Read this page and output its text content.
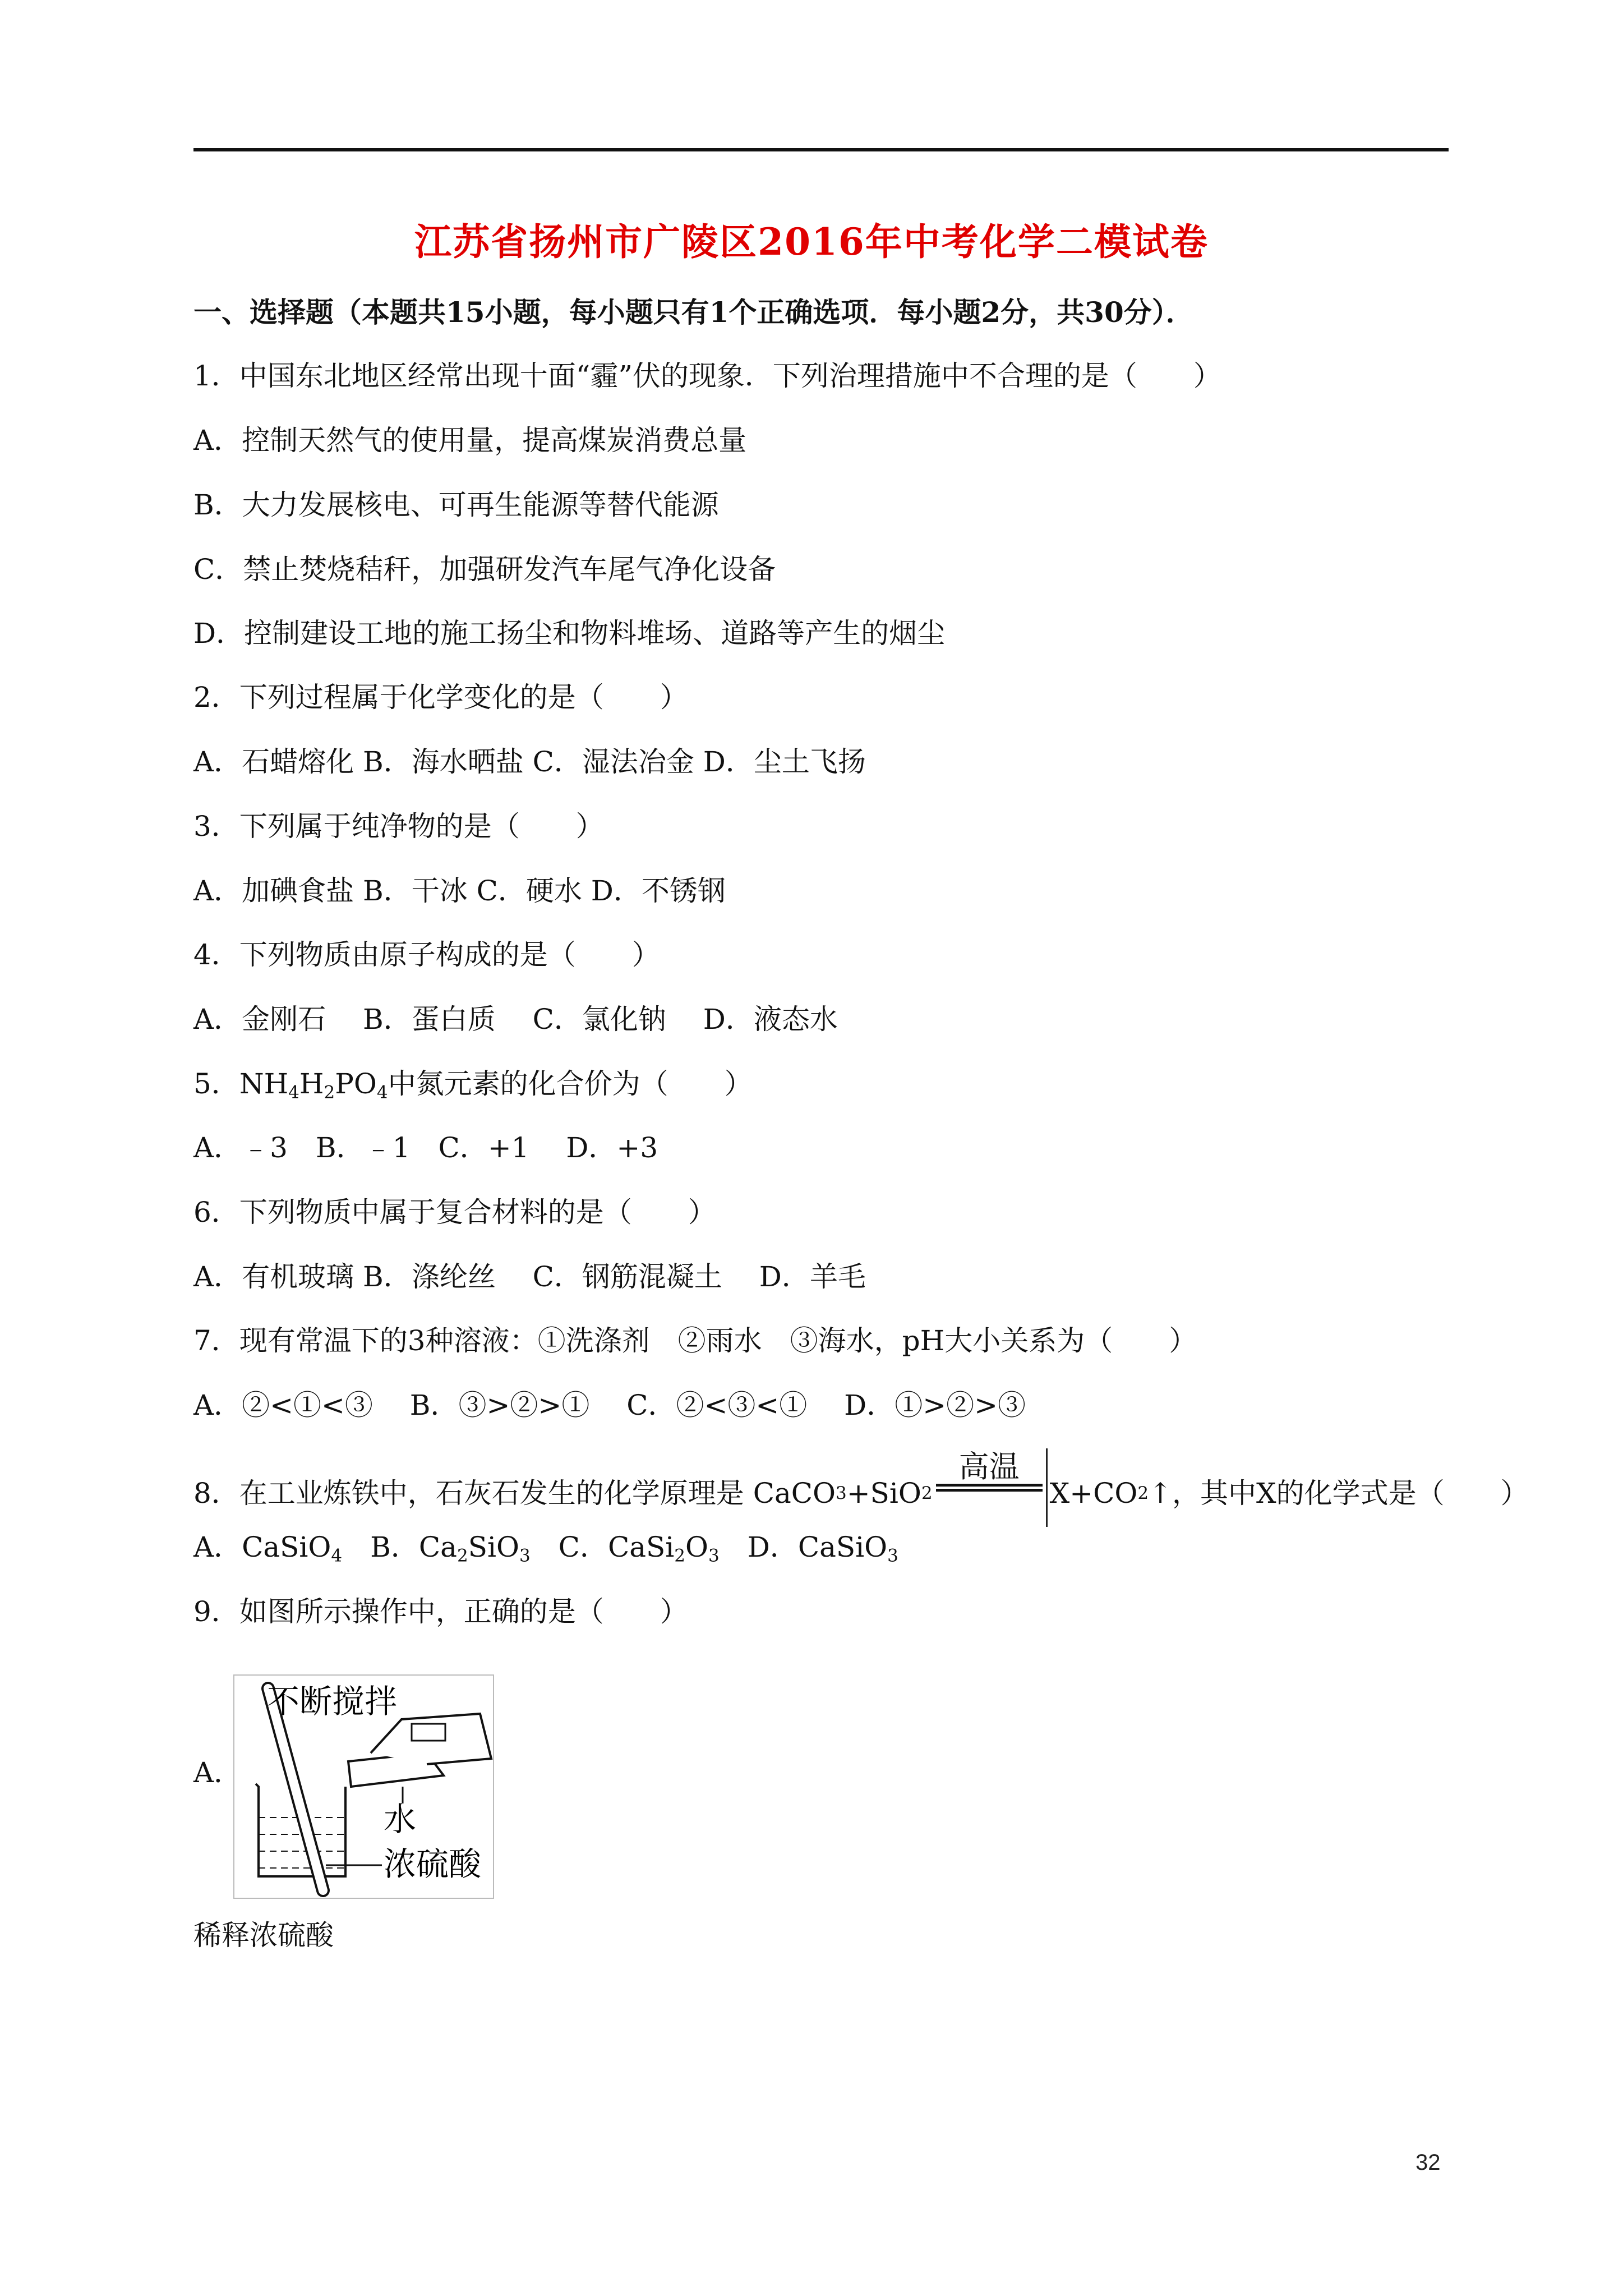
江苏省扬州市广陵区2016年中考化学二模试卷
一、选择题（本题共15小题，每小题只有1个正确选项．每小题2分，共30分）．
1．中国东北地区经常出现十面“霾”伏的现象．下列治理措施中不合理的是（　　）
A．控制天然气的使用量，提高煤炭消费总量
B．大力发展核电、可再生能源等替代能源
C．禁止焚烧秸秆，加强研发汽车尾气净化设备
D．控制建设工地的施工扬尘和物料堆场、道路等产生的烟尘
2．下列过程属于化学变化的是（　　）
A．石蜡熔化 B．海水晒盐 C．湿法冶金 D．尘土飞扬
3．下列属于纯净物的是（　　）
A．加碘食盐 B．干冰 C．硬水 D．不锈钢
4．下列物质由原子构成的是（　　）
A．金刚石　 B．蛋白质　 C．氯化钠　 D．液态水
5．$NH_4H_2PO_4$中氮元素的化合价为（　　）
A．﹣3　B．﹣1　C．+1　 D．+3
6．下列物质中属于复合材料的是（　　）
A．有机玻璃 B．涤纶丝　 C．钢筋混凝土　 D．羊毛
7．现有常温下的3种溶液：①洗涤剂　②雨水　③海水，pH大小关系为（　　）
A．②<①<③　 B．③>②>①　 C．②<③<①　 D．①>②>③
8．在工业炼铁中，石灰石发生的化学原理是 CaCO 3 +SiO 2
高温
X+CO 2 ↑，其中X的化学式是（　　）
A．CaSiO$_4$　B．$Ca_2SiO_3$　C．$CaSi_2O_3$　D．CaSiO$_3$
9．如图所示操作中，正确的是（　　）
A．
不断搅拌
水
浓硫酸
稀释浓硫酸
32
